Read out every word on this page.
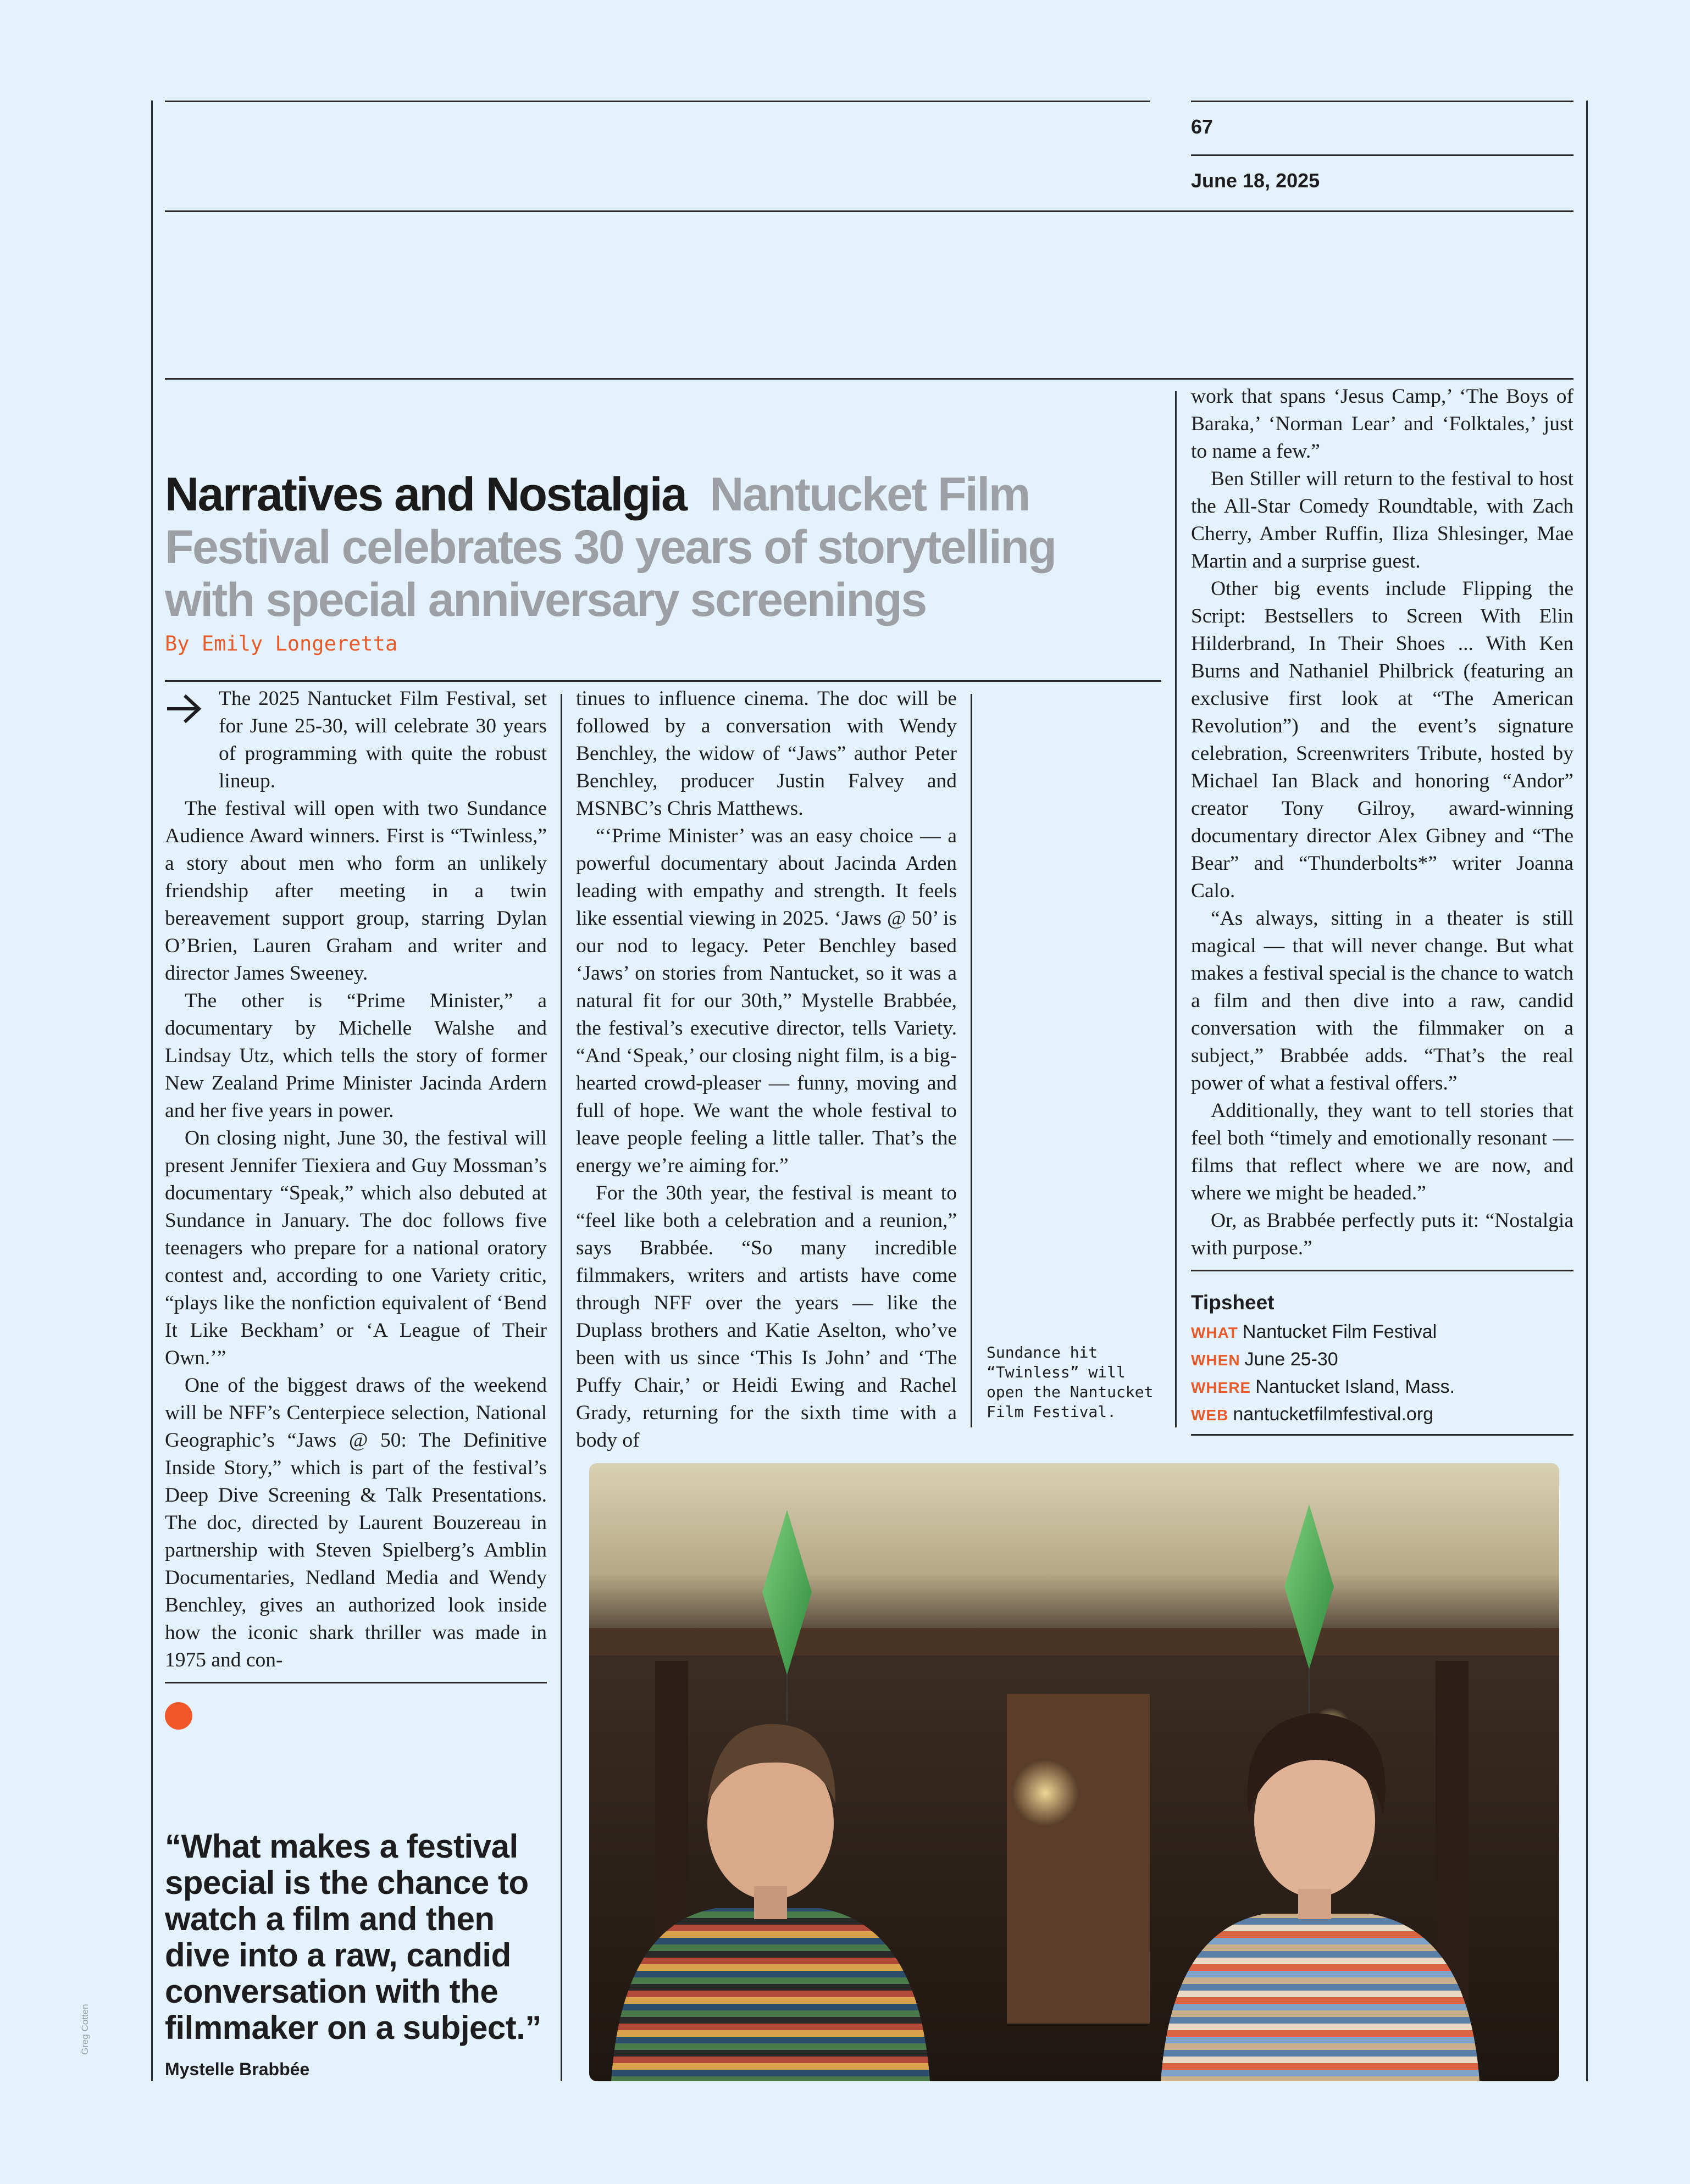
67
June 18, 2025
Narratives and Nostalgia Nantucket Film Festival celebrates 30 years of storytelling with special anniversary screenings
By Emily Longeretta

The 2025 Nantucket Film Festival, set for June 25-30, will celebrate 30 years of programming with quite the robust lineup.

The festival will open with two Sundance Audience Award winners. First is “Twinless,” a story about men who form an unlikely friendship after meeting in a twin bereavement support group, starring Dylan O’Brien, Lauren Graham and writer and director James Sweeney.

The other is “Prime Minister,” a documentary by Michelle Walshe and Lindsay Utz, which tells the story of former New Zealand Prime Minister Jacinda Ardern and her five years in power.

On closing night, June 30, the festival will present Jennifer Tiexiera and Guy Mossman’s documentary “Speak,” which also debuted at Sundance in January. The doc follows five teenagers who prepare for a national oratory contest and, according to one Variety critic, “plays like the nonfiction equivalent of ‘Bend It Like Beckham’ or ‘A League of Their Own.’”

One of the biggest draws of the weekend will be NFF’s Centerpiece selection, National Geographic’s “Jaws @ 50: The Definitive Inside Story,” which is part of the festival’s Deep Dive Screening & Talk Presentations. The doc, directed by Laurent Bouzereau in partnership with Steven Spielberg’s Amblin Documentaries, Nedland Media and Wendy Benchley, gives an authorized look inside how the iconic shark thriller was made in 1975 and con-

tinues to influence cinema. The doc will be followed by a conversation with Wendy Benchley, the widow of “Jaws” author Peter Benchley, producer Justin Falvey and MSNBC’s Chris Matthews.

“‘Prime Minister’ was an easy choice — a powerful documentary about Jacinda Arden leading with empathy and strength. It feels like essential viewing in 2025. ‘Jaws @ 50’ is our nod to legacy. Peter Benchley based ‘Jaws’ on stories from Nantucket, so it was a natural fit for our 30th,” Mystelle Brabbée, the festival’s executive director, tells Variety. “And ‘Speak,’ our closing night film, is a big-hearted crowd-pleaser — funny, moving and full of hope. We want the whole festival to leave people feeling a little taller. That’s the energy we’re aiming for.”

For the 30th year, the festival is meant to “feel like both a celebration and a reunion,” says Brabbée. “So many incredible filmmakers, writers and artists have come through NFF over the years — like the Duplass brothers and Katie Aselton, who’ve been with us since ‘This Is John’ and ‘The Puffy Chair,’ or Heidi Ewing and Rachel Grady, returning for the sixth time with a body of

Sundance hit “Twinless” will open the Nantucket Film Festival.

work that spans ‘Jesus Camp,’ ‘The Boys of Baraka,’ ‘Norman Lear’ and ‘Folktales,’ just to name a few.”

Ben Stiller will return to the festival to host the All-Star Comedy Roundtable, with Zach Cherry, Amber Ruffin, Iliza Shlesinger, Mae Martin and a surprise guest.

Other big events include Flipping the Script: Bestsellers to Screen With Elin Hilderbrand, In Their Shoes ... With Ken Burns and Nathaniel Philbrick (featuring an exclusive first look at “The American Revolution”) and the event’s signature celebration, Screenwriters Tribute, hosted by Michael Ian Black and honoring “Andor” creator Tony Gilroy, award-winning documentary director Alex Gibney and “The Bear” and “Thunderbolts*” writer Joanna Calo.

“As always, sitting in a theater is still magical — that will never change. But what makes a festival special is the chance to watch a film and then dive into a raw, candid conversation with the filmmaker on a subject,” Brabbée adds. “That’s the real power of what a festival offers.”

Additionally, they want to tell stories that feel both “timely and emotionally resonant — films that reflect where we are now, and where we might be headed.”

Or, as Brabbée perfectly puts it: “Nostalgia with purpose.”

Tipsheet
WHAT Nantucket Film Festival
WHEN June 25-30
WHERE Nantucket Island, Mass.
WEB nantucketfilmfestival.org
“What makes a festival special is the chance to watch a film and then dive into a raw, candid conversation with the filmmaker on a subject.” Mystelle Brabbée
Greg Cotten
